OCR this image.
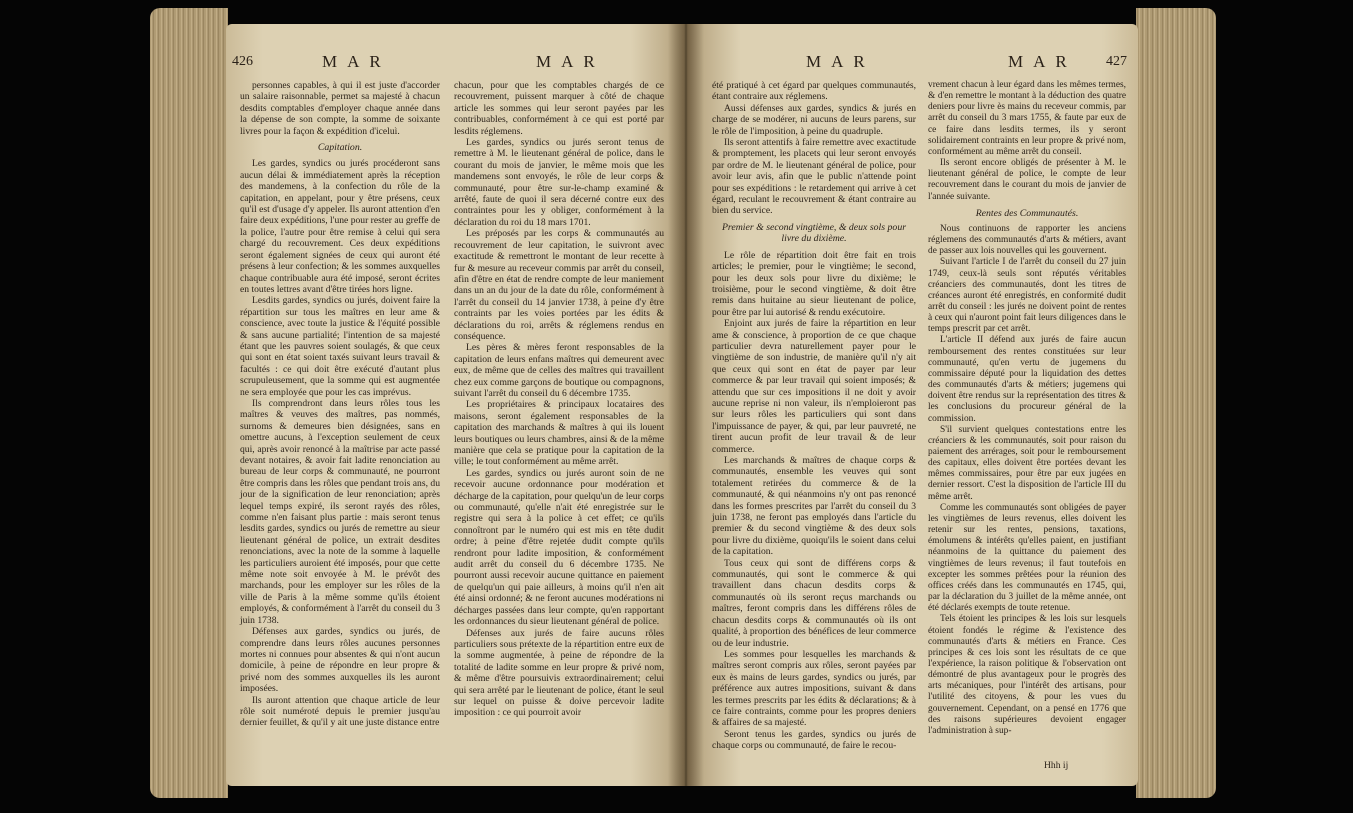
426	MAR	MAR

personnes capables, à qui il est juste d'accorder un salaire raisonnable, permet sa majesté à chacun desdits comptables d'employer chaque année dans la dépense de son compte, la somme de soixante livres pour la façon & expédition d'iceluì.

Capitation.

Les gardes, syndics ou jurés procéderont sans aucun délai & immédiatement après la réception des mandemens, à la confection du rôle de la capitation, en appelant, pour y être présens, ceux qu'il est d'usage d'y appeler. Ils auront attention d'en faire deux expéditions, l'une pour rester au greffe de la police, l'autre pour être remise à celui qui sera chargé du recouvrement. Ces deux expéditions seront également signées de ceux qui auront été présens à leur confection; & les sommes auxquelles chaque contribuable aura été imposé, seront écrites en toutes lettres avant d'être tirées hors ligne.

Lesdits gardes, syndics ou jurés, doivent faire la répartition sur tous les maîtres en leur ame & conscience, avec toute la justice & l'équité possible & sans aucune partialité; l'intention de sa majesté étant que les pauvres soient soulagés, & que ceux qui sont en état soient taxés suivant leurs travail & facultés : ce qui doit être exécuté d'autant plus scrupuleusement, que la somme qui est augmentée ne sera employée que pour les cas imprévus.

Ils comprendront dans leurs rôles tous les maîtres & veuves des maîtres, pas nommés, surnoms & demeures bien désignées, sans en omettre aucuns, à l'exception seulement de ceux qui, après avoir renoncé à la maîtrise par acte passé devant notaires, & avoir fait ladite renonciation au bureau de leur corps & communauté, ne pourront être compris dans les rôles que pendant trois ans, du jour de la signification de leur renonciation; après lequel temps expiré, ils seront rayés des rôles, comme n'en faisant plus partie : mais seront tenus lesdits gardes, syndics ou jurés de remettre au sieur lieutenant général de police, un extrait desdites renonciations, avec la note de la somme à laquelle les particuliers auroient été imposés, pour que cette même note soit envoyée à M. le prévôt des marchands, pour les employer sur les rôles de la ville de Paris à la même somme qu'ils étoient employés, & conformément à l'arrêt du conseil du 3 juin 1738.

Défenses aux gardes, syndics ou jurés, de comprendre dans leurs rôles aucunes personnes mortes ni connues pour absentes & qui n'ont aucun domicile, à peine de répondre en leur propre & privé nom des sommes auxquelles ils les auront imposées.

Ils auront attention que chaque article de leur rôle soit numéroté depuis le premier jusqu'au dernier feuillet, & qu'il y ait une juste distance entre

chacun, pour que les comptables chargés de ce recouvrement, puissent marquer à côté de chaque article les sommes qui leur seront payées par les contribuables, conformément à ce qui est porté par lesdits réglemens.

Les gardes, syndics ou jurés seront tenus de remettre à M. le lieutenant général de police, dans le courant du mois de janvier, le même mois que les mandemens sont envoyés, le rôle de leur corps & communauté, pour être sur-le-champ examiné & arrêté, faute de quoi il sera décerné contre eux des contraintes pour les y obliger, conformément à la déclaration du roi du 18 mars 1701.

Les préposés par les corps & communautés au recouvrement de leur capitation, le suivront avec exactitude & remettront le montant de leur recette à fur & mesure au receveur commis par arrêt du conseil, afin d'être en état de rendre compte de leur maniement dans un an du jour de la date du rôle, conformément à l'arrêt du conseil du 14 janvier 1738, à peine d'y être contraints par les voies portées par les édits & déclarations du roi, arrêts & réglemens rendus en conséquence.

Les pères & mères feront responsables de la capitation de leurs enfans maîtres qui demeurent avec eux, de même que de celles des maîtres qui travaillent chez eux comme garçons de boutique ou compagnons, suivant l'arrêt du conseil du 6 décembre 1735.

Les propriétaires & principaux locataires des maisons, seront également responsables de la capitation des marchands & maîtres à qui ils louent leurs boutiques ou leurs chambres, ainsi & de la même manière que cela se pratique pour la capitation de la ville; le tout conformément au même arrêt.

Les gardes, syndics ou jurés auront soin de ne recevoir aucune ordonnance pour modération et décharge de la capitation, pour quelqu'un de leur corps ou communauté, qu'elle n'ait été enregistrée sur le registre qui sera à la police à cet effet; ce qu'ils connoîtront par le numéro qui est mis en tête dudit ordre; à peine d'être rejetée dudit compte qu'ils rendront pour ladite imposition, & conformément audit arrêt du conseil du 6 décembre 1735. Ne pourront aussi recevoir aucune quittance en paiement de quelqu'un qui paie ailleurs, à moins qu'il n'en ait été ainsi ordonné; & ne feront aucunes modérations ni décharges passées dans leur compte, qu'en rapportant les ordonnances du sieur lieutenant général de police.

Défenses aux jurés de faire aucuns rôles particuliers sous prétexte de la répartition entre eux de la somme augmentée, à peine de répondre de la totalité de ladite somme en leur propre & privé nom, & même d'être poursuivis extraordinairement; celui qui sera arrêté par le lieutenant de police, étant le seul sur lequel on puisse & doive percevoir ladite imposition : ce qui pourroit avoir

MAR	MAR 427

été pratiqué à cet égard par quelques communautés, étant contraire aux réglemens.

Aussi défenses aux gardes, syndics & jurés en charge de se modérer, ni aucuns de leurs parens, sur le rôle de l'imposition, à peine du quadruple.

Ils seront attentifs à faire remettre avec exactitude & promptement, les placets qui leur seront envoyés par ordre de M. le lieutenant général de police, pour avoir leur avis, afin que le public n'attende point pour ses expéditions : le retardement qui arrive à cet égard, reculant le recouvrement & étant contraire au bien du service.

Premier & second vingtième, & deux sols pour livre du dixième.

Le rôle de répartition doit être fait en trois articles; le premier, pour le vingtième; le second, pour les deux sols pour livre du dixième; le troisième, pour le second vingtième, & doit être remis dans huitaine au sieur lieutenant de police, pour être par lui autorisé & rendu exécutoire.

Enjoint aux jurés de faire la répartition en leur ame & conscience, à proportion de ce que chaque particulier devra naturellement payer pour le vingtième de son industrie, de manière qu'il n'y ait que ceux qui sont en état de payer par leur commerce & par leur travail qui soient imposés; & attendu que sur ces impositions il ne doit y avoir aucune reprise ni non valeur, ils n'emploieront pas sur leurs rôles les particuliers qui sont dans l'impuissance de payer, & qui, par leur pauvreté, ne tirent aucun profit de leur travail & de leur commerce.

Les marchands & maîtres de chaque corps & communautés, ensemble les veuves qui sont totalement retirées du commerce & de la communauté, & qui néanmoins n'y ont pas renoncé dans les formes prescrites par l'arrêt du conseil du 3 juin 1738, ne feront pas employés dans l'article du premier & du second vingtième & des deux sols pour livre du dixième, quoiqu'ils le soient dans celui de la capitation.

Tous ceux qui sont de différens corps & communautés, qui sont le commerce & qui travaillent dans chacun desdits corps & communautés où ils seront reçus marchands ou maîtres, feront compris dans les différens rôles de chacun desdits corps & communautés où ils ont qualité, à proportion des bénéfices de leur commerce ou de leur industrie.

Les sommes pour lesquelles les marchands & maîtres seront compris aux rôles, seront payées par eux ès mains de leurs gardes, syndics ou jurés, par préférence aux autres impositions, suivant & dans les termes prescrits par les édits & déclarations; & à ce faire contraints, comme pour les propres deniers & affaires de sa majesté.

Seront tenus les gardes, syndics ou jurés de chaque corps ou communauté, de faire le recou-

vrement chacun à leur égard dans les mêmes termes, & d'en remettre le montant à la déduction des quatre deniers pour livre ès mains du receveur commis, par arrêt du conseil du 3 mars 1755, & faute par eux de ce faire dans lesdits termes, ils y seront solidairement contraints en leur propre & privé nom, conformément au même arrêt du conseil.

Ils seront encore obligés de présenter à M. le lieutenant général de police, le compte de leur recouvrement dans le courant du mois de janvier de l'année suivante.

Rentes des Communautés.

Nous continuons de rapporter les anciens réglemens des communautés d'arts & métiers, avant de passer aux lois nouvelles qui les gouvernent.

Suivant l'article I de l'arrêt du conseil du 27 juin 1749, ceux-là seuls sont réputés véritables créanciers des communautés, dont les titres de créances auront été enregistrés, en conformité dudit arrêt du conseil : les jurés ne doivent point de rentes à ceux qui n'auront point fait leurs diligences dans le temps prescrit par cet arrêt.

L'article II défend aux jurés de faire aucun remboursement des rentes constituées sur leur communauté, qu'en vertu de jugemens du commissaire député pour la liquidation des dettes des communautés d'arts & métiers; jugemens qui doivent être rendus sur la représentation des titres & les conclusions du procureur général de la commission.

S'il survient quelques contestations entre les créanciers & les communautés, soit pour raison du paiement des arrérages, soit pour le remboursement des capitaux, elles doivent être portées devant les mêmes commissaires, pour être par eux jugées en dernier ressort. C'est la disposition de l'article III du même arrêt.

Comme les communautés sont obligées de payer les vingtièmes de leurs revenus, elles doivent les retenir sur les rentes, pensions, taxations, émolumens & intérêts qu'elles paient, en justifiant néanmoins de la quittance du paiement des vingtièmes de leurs revenus; il faut toutefois en excepter les sommes prêtées pour la réunion des offices créés dans les communautés en 1745, qui, par la déclaration du 3 juillet de la même année, ont été déclarés exempts de toute retenue.

Tels étoient les principes & les lois sur lesquels étoient fondés le régime & l'existence des communautés d'arts & métiers en France. Ces principes & ces lois sont les résultats de ce que l'expérience, la raison politique & l'observation ont démontré de plus avantageux pour le progrès des arts mécaniques, pour l'intérêt des artisans, pour l'utilité des citoyens, & pour les vues du gouvernement. Cependant, on a pensé en 1776 que des raisons supérieures devoient engager l'administration à sup-

Hhh ij
